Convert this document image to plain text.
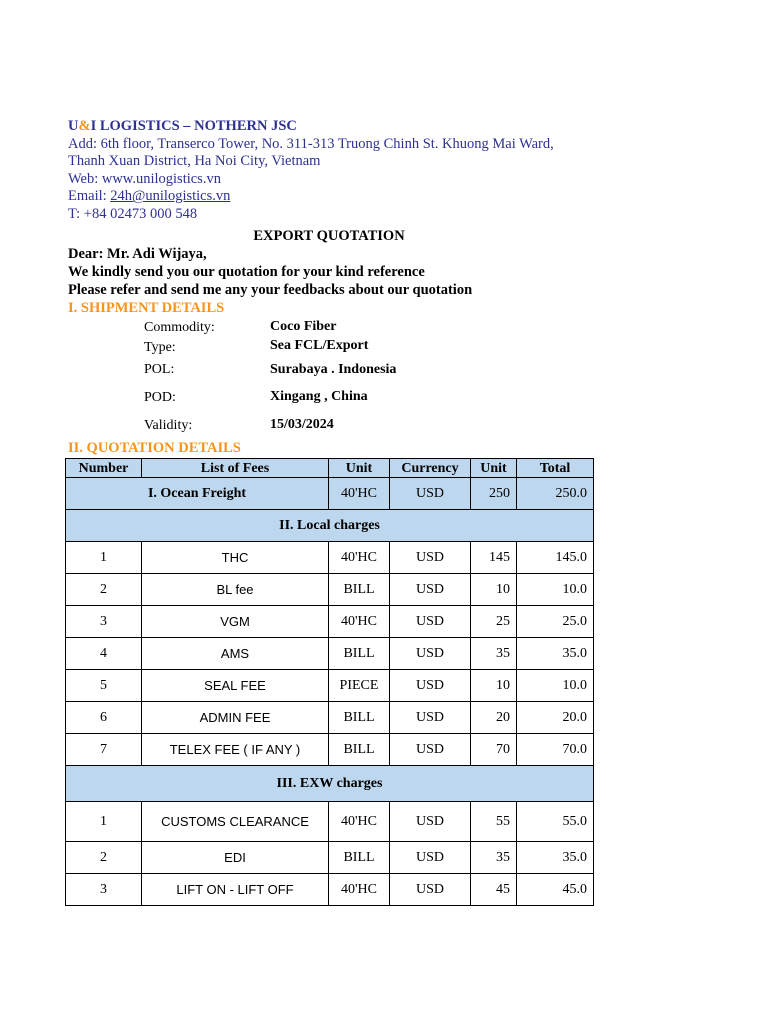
U&I LOGISTICS – NOTHERN JSC
Add: 6th floor, Transerco Tower, No. 311-313 Truong Chinh St. Khuong Mai Ward,
Thanh Xuan District, Ha Noi City, Vietnam
Web: www.unilogistics.vn
Email: 24h@unilogistics.vn
T: +84 02473 000 548
EXPORT QUOTATION
Dear: Mr. Adi Wijaya,
We kindly send you our quotation for your kind reference
Please refer and send me any your feedbacks about our quotation
I. SHIPMENT DETAILS
Commodity:	Coco Fiber
Type:	Sea FCL/Export
POL:	Surabaya . Indonesia
POD:	Xingang , China
Validity:	15/03/2024
II. QUOTATION DETAILS
Number	List of Fees	Unit	Currency	Unit	Total
I. Ocean Freight		40'HC	USD	250	250.0
II. Local charges					
1	THC	40'HC	USD	145	145.0
2	BL fee	BILL	USD	10	10.0
3	VGM	40'HC	USD	25	25.0
4	AMS	BILL	USD	35	35.0
5	SEAL FEE	PIECE	USD	10	10.0
6	ADMIN FEE	BILL	USD	20	20.0
7	TELEX FEE ( IF ANY )	BILL	USD	70	70.0
III. EXW charges					
1	CUSTOMS CLEARANCE	40'HC	USD	55	55.0
2	EDI	BILL	USD	35	35.0
3	LIFT ON - LIFT OFF	40'HC	USD	45	45.0
